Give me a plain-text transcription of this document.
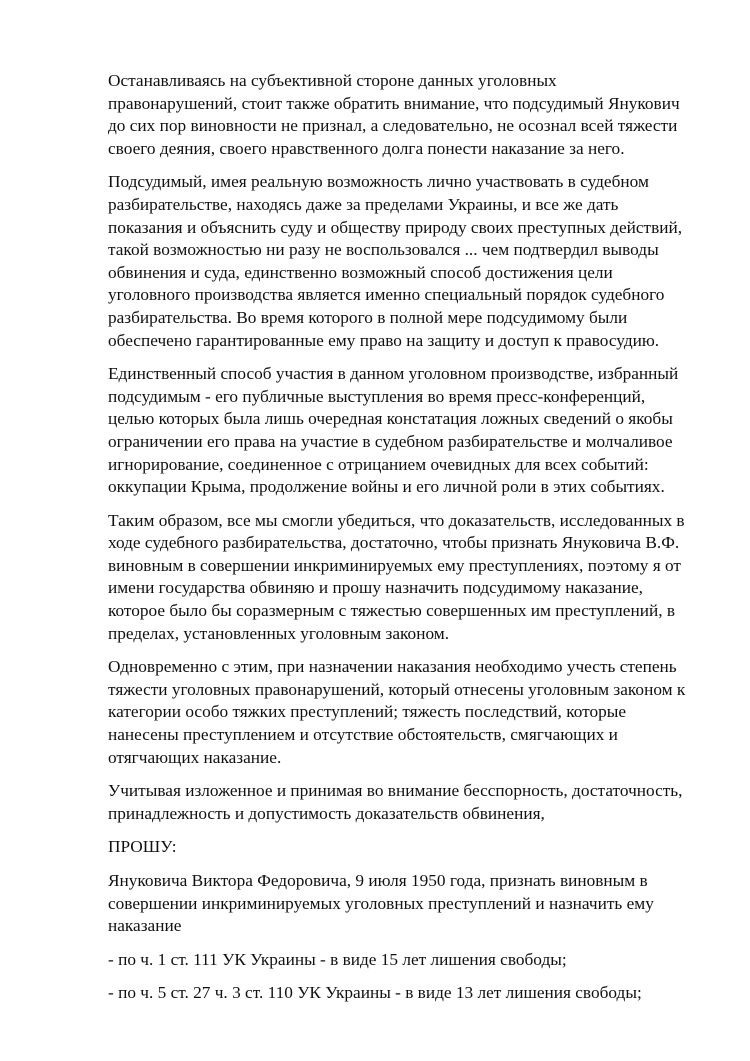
Останавливаясь на субъективной стороне данных уголовных
правонарушений, стоит также обратить внимание, что подсудимый Янукович
до сих пор виновности не признал, а следовательно, не осознал всей тяжести
своего деяния, своего нравственного долга понести наказание за него.

Подсудимый, имея реальную возможность лично участвовать в судебном
разбирательстве, находясь даже за пределами Украины, и все же дать
показания и объяснить суду и обществу природу своих преступных действий,
такой возможностью ни разу не воспользовался ... чем подтвердил выводы
обвинения и суда, единственно возможный способ достижения цели
уголовного производства является именно специальный порядок судебного
разбирательства. Во время которого в полной мере подсудимому были
обеспечено гарантированные ему право на защиту и доступ к правосудию.

Единственный способ участия в данном уголовном производстве, избранный
подсудимым - его публичные выступления во время пресс-конференций,
целью которых была лишь очередная констатация ложных сведений о якобы
ограничении его права на участие в судебном разбирательстве и молчаливое
игнорирование, соединенное с отрицанием очевидных для всех событий:
оккупации Крыма, продолжение войны и его личной роли в этих событиях.

Таким образом, все мы смогли убедиться, что доказательств, исследованных в
ходе судебного разбирательства, достаточно, чтобы признать Януковича В.Ф.
виновным в совершении инкриминируемых ему преступлениях, поэтому я от
имени государства обвиняю и прошу назначить подсудимому наказание,
которое было бы соразмерным с тяжестью совершенных им преступлений, в
пределах, установленных уголовным законом.

Одновременно с этим, при назначении наказания необходимо учесть степень
тяжести уголовных правонарушений, который отнесены уголовным законом к
категории особо тяжких преступлений; тяжесть последствий, которые
нанесены преступлением и отсутствие обстоятельств, смягчающих и
отягчающих наказание.

Учитывая изложенное и принимая во внимание бесспорность, достаточность,
принадлежность и допустимость доказательств обвинения,

ПРОШУ:

Януковича Виктора Федоровича, 9 июля 1950 года, признать виновным в
совершении инкриминируемых уголовных преступлений и назначить ему
наказание

- по ч. 1 ст. 111 УК Украины - в виде 15 лет лишения свободы;

- по ч. 5 ст. 27 ч. 3 ст. 110 УК Украины - в виде 13 лет лишения свободы;
